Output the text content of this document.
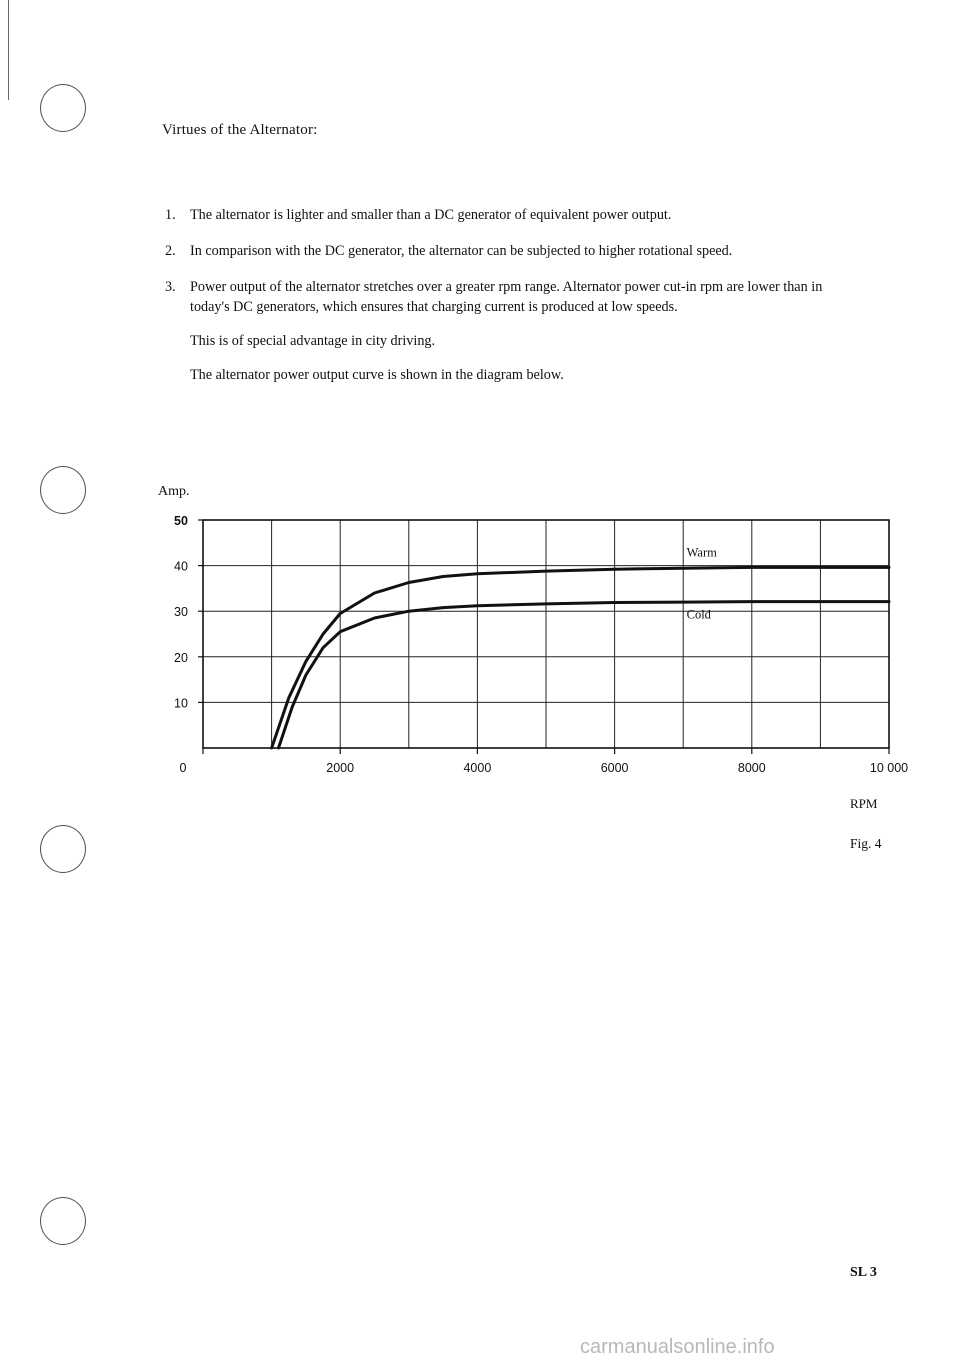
Virtues of the Alternator:
1.	The alternator is lighter and smaller than a DC generator of equivalent power output.

2.	In comparison with the DC generator, the alternator can be subjected to higher rotational speed.

3.	Power output of the alternator stretches over a greater rpm range. Alternator power cut-in rpm are lower than in today's DC generators, which ensures that charging current is produced at low speeds.

This is of special advantage in city driving.

The alternator power output curve is shown in the diagram below.

Amp.
0	2000	4000	6000	8000	10 000
10
20
30
40
50
Warm
Cold
RPM
Fig. 4
SL 3
carmanualsonline.info
